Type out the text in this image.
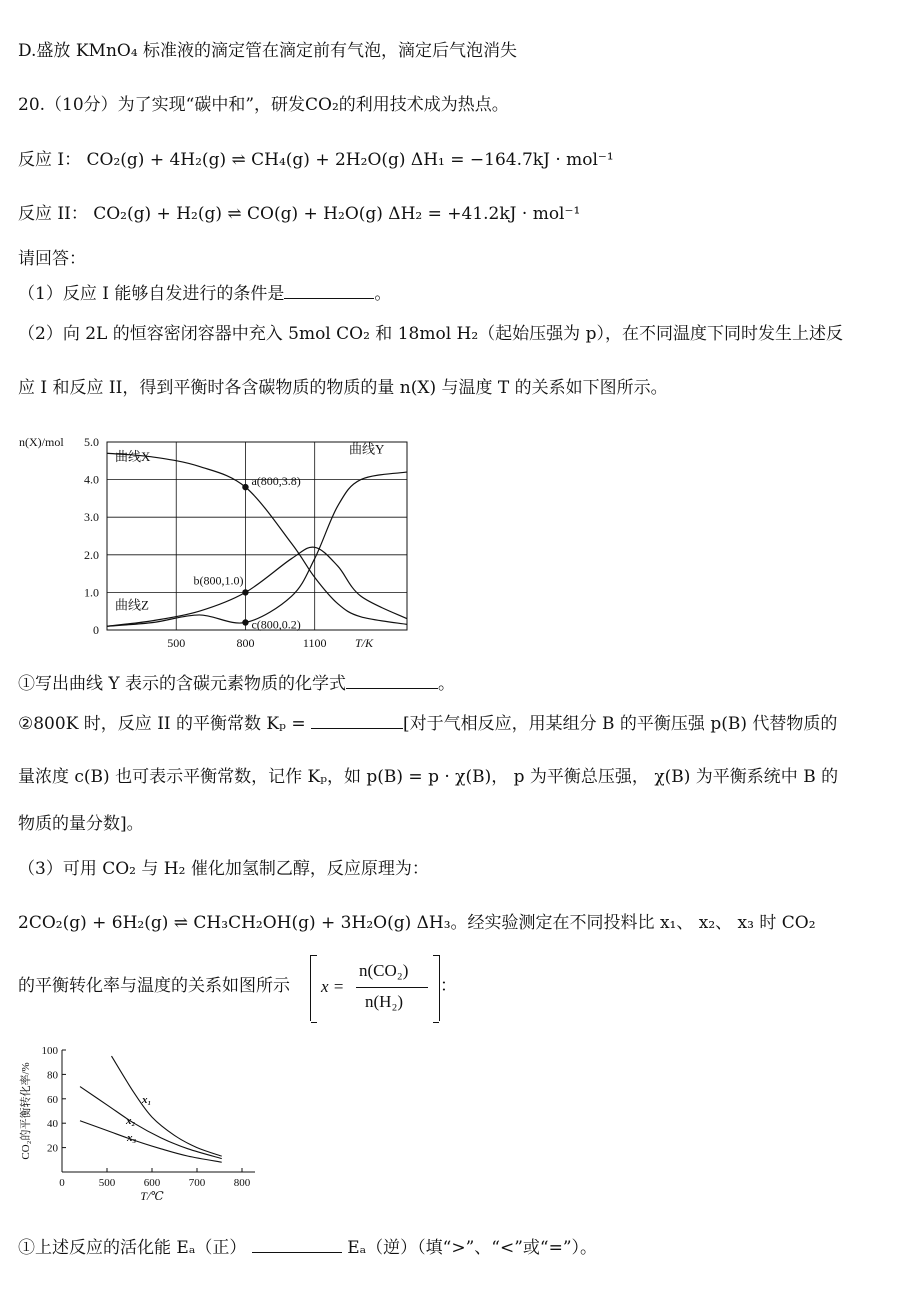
D.盛放 KMnO₄ 标准液的滴定管在滴定前有气泡，滴定后气泡消失
20.（10分）为了实现“碳中和”，研发CO₂的利用技术成为热点。
反应 I： CO₂(g) + 4H₂(g) ⇌ CH₄(g) + 2H₂O(g) ΔH₁ = −164.7kJ · mol⁻¹
反应 II： CO₂(g) + H₂(g) ⇌ CO(g) + H₂O(g) ΔH₂ = +41.2kJ · mol⁻¹
请回答：
（1）反应 I 能够自发进行的条件是	。
（2）向 2L 的恒容密闭容器中充入 5mol CO₂ 和 18mol H₂（起始压强为 p），在不同温度下同时发生上述反
应 I 和反应 II，得到平衡时各含碳物质的物质的量 n(X) 与温度 T 的关系如下图所示。
0
1.0
2.0
3.0
4.0
5.0
500	800	1100
n(X)/mol
T/K
曲线X
曲线Y
曲线Z
a(800,3.8)
b(800,1.0)
c(800,0.2)
①写出曲线 Y 表示的含碳元素物质的化学式	。
②800K 时，反应 II 的平衡常数 Kₚ =	[对于气相反应，用某组分 B 的平衡压强 p(B) 代替物质的
量浓度 c(B) 也可表示平衡常数，记作 Kₚ，如 p(B) = p · χ(B)， p 为平衡总压强， χ(B) 为平衡系统中 B 的
物质的量分数]。
（3）可用 CO₂ 与 H₂ 催化加氢制乙醇，反应原理为：
2CO₂(g) + 6H₂(g) ⇌ CH₃CH₂OH(g) + 3H₂O(g) ΔH₃。经实验测定在不同投料比 x₁、 x₂、 x₃ 时 CO₂
的平衡转化率与温度的关系如图所示 x =
n(CO₂)
n(H₂)
：
20
40
60
80
100
0	500	600	700	800
T/℃
CO₂的平衡转化率/%	x₁
x₂
x₃
①上述反应的活化能 Eₐ（正）	Eₐ（逆）（填“>”、“<”或“=”）。
